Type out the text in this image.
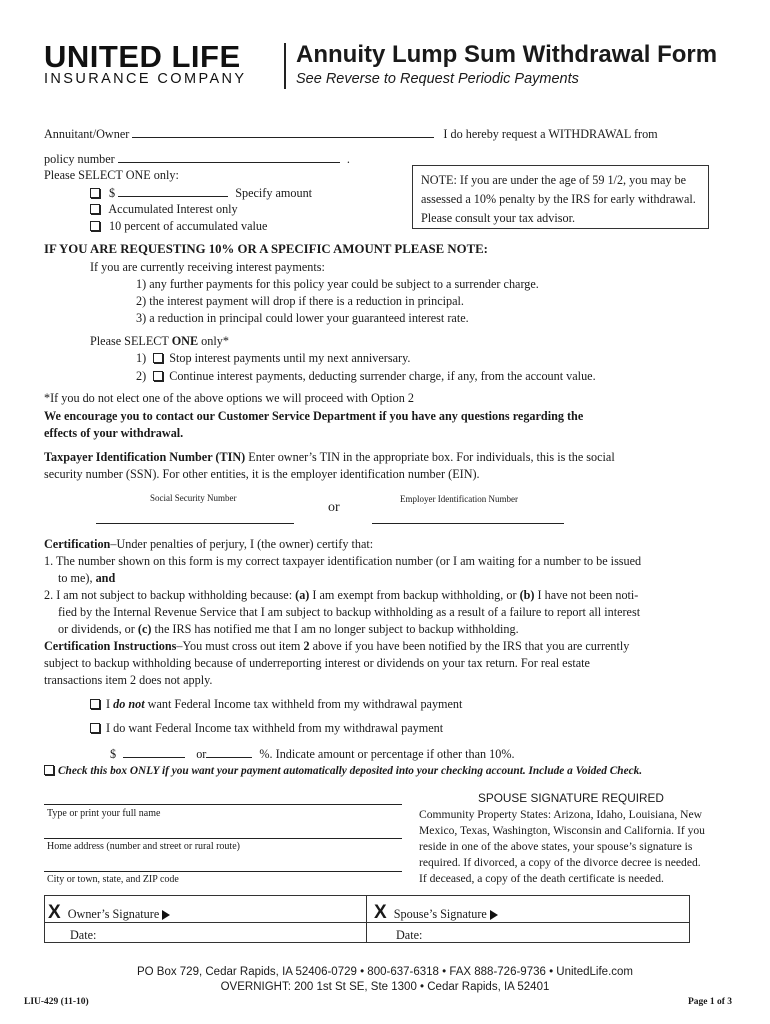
UNITED LIFE
INSURANCE COMPANY
Annuity Lump Sum Withdrawal Form
See Reverse to Request Periodic Payments
Annuitant/Owner	I do hereby request a WITHDRAWAL from
policy number	.
Please SELECT ONE only:
$	Specify amount
Accumulated Interest only
10 percent of accumulated value
NOTE: If you are under the age of 59 1/2, you may be assessed a 10% penalty by the IRS for early withdrawal. Please consult your tax advisor.
IF YOU ARE REQUESTING 10% OR A SPECIFIC AMOUNT PLEASE NOTE:
If you are currently receiving interest payments:
1) any further payments for this policy year could be subject to a surrender charge.
2) the interest payment will drop if there is a reduction in principal.
3) a reduction in principal could lower your guaranteed interest rate.
Please SELECT ONE only*
1) Stop interest payments until my next anniversary.
2) Continue interest payments, deducting surrender charge, if any, from the account value.
*If you do not elect one of the above options we will proceed with Option 2
We encourage you to contact our Customer Service Department if you have any questions regarding the
effects of your withdrawal.
Taxpayer Identification Number (TIN) Enter owner’s TIN in the appropriate box. For individuals, this is the social
security number (SSN). For other entities, it is the employer identification number (EIN).
Social Security Number	Employer Identification Number
or
Certification–Under penalties of perjury, I (the owner) certify that:
1. The number shown on this form is my correct taxpayer identification number (or I am waiting for a number to be issued
to me), and
2. I am not subject to backup withholding because: (a) I am exempt from backup withholding, or (b) I have not been noti-
fied by the Internal Revenue Service that I am subject to backup withholding as a result of a failure to report all interest
or dividends, or (c) the IRS has notified me that I am no longer subject to backup withholding.
Certification Instructions–You must cross out item 2 above if you have been notified by the IRS that you are currently
subject to backup withholding because of underreporting interest or dividends on your tax return. For real estate
transactions item 2 does not apply.
I do not want Federal Income tax withheld from my withdrawal payment
I do want Federal Income tax withheld from my withdrawal payment
$	or	%. Indicate amount or percentage if other than 10%.
Check this box ONLY if you want your payment automatically deposited into your checking account. Include a Voided Check.
Type or print your full name
Home address (number and street or rural route)
City or town, state, and ZIP code
SPOUSE SIGNATURE REQUIRED
Community Property States: Arizona, Idaho, Louisiana, New
Mexico, Texas, Washington, Wisconsin and California. If you
reside in one of the above states, your spouse’s signature is
required. If divorced, a copy of the divorce decree is needed.
If deceased, a copy of the death certificate is needed.
X Owner’s Signature	X Spouse’s Signature
Date:	Date:
PO Box 729, Cedar Rapids, IA 52406-0729 • 800-637-6318 • FAX 888-726-9736 • UnitedLife.com
OVERNIGHT: 200 1st St SE, Ste 1300 • Cedar Rapids, IA 52401
LIU-429 (11-10)	Page 1 of 3
